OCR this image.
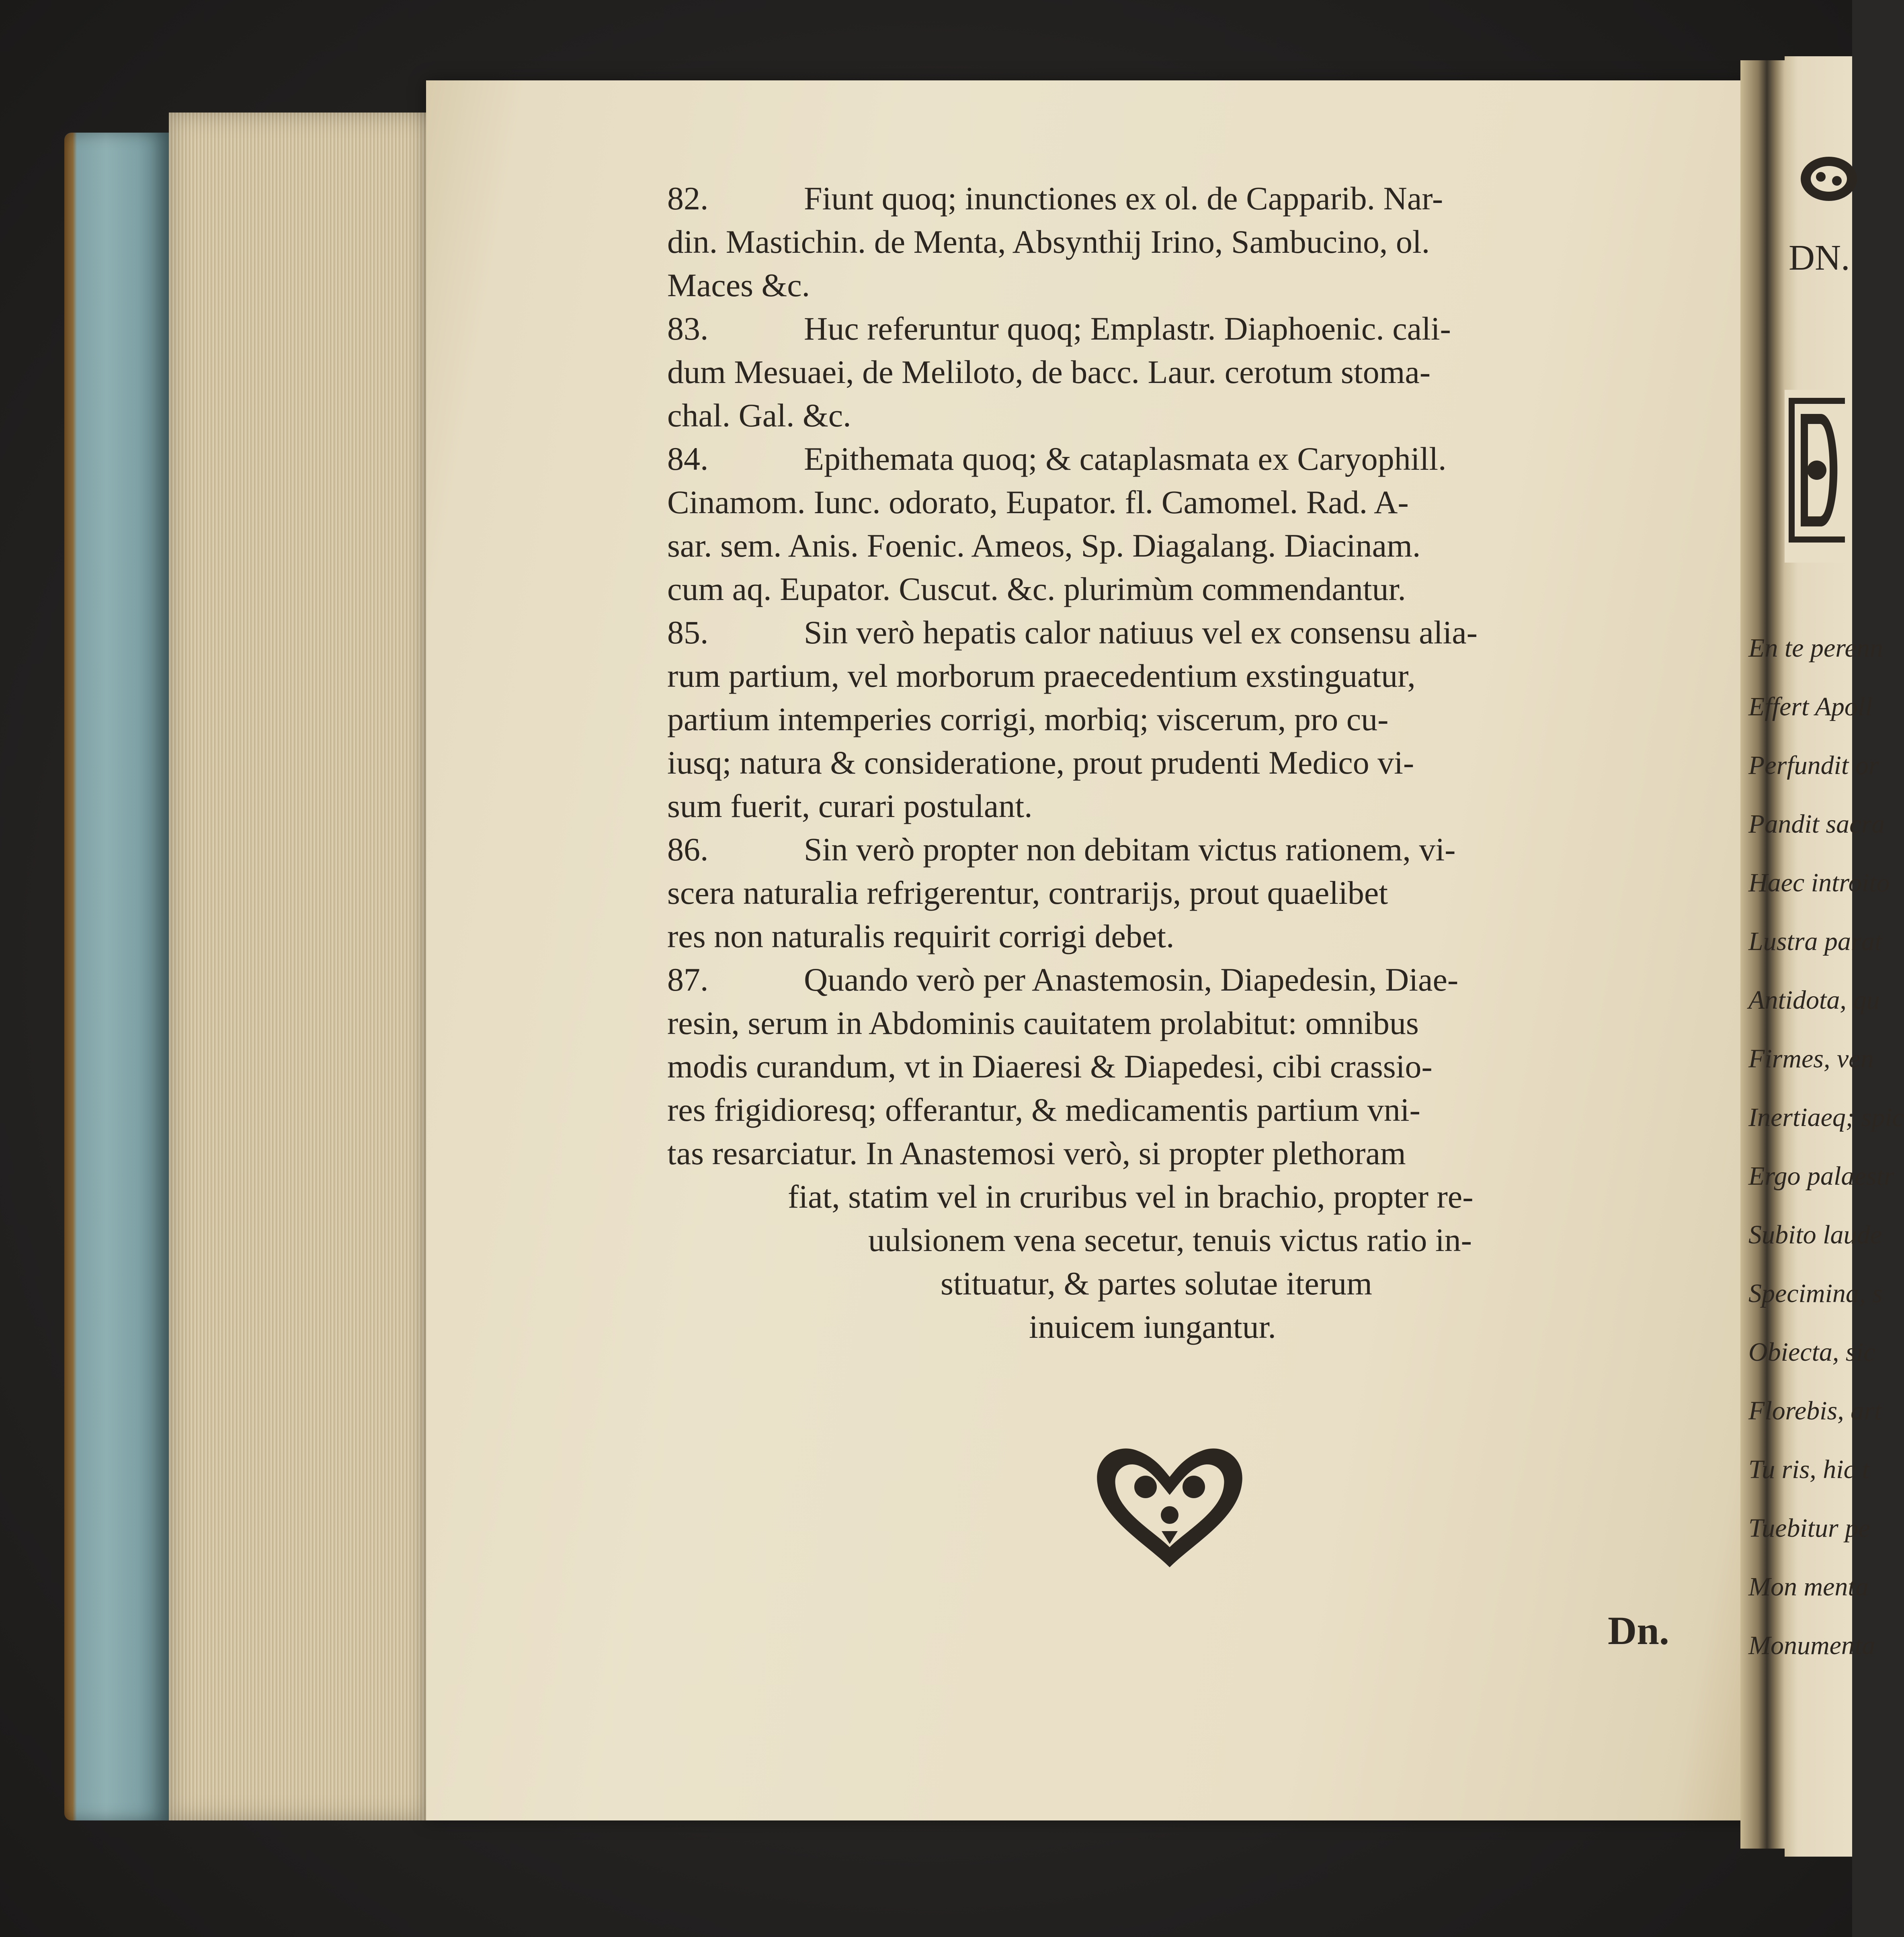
82.	Fiunt quoq; inunctiones ex ol. de Capparib. Nar-
din. Mastichin. de Menta, Absynthij Irino, Sambucino, ol.
Maces &c.
83.	Huc referuntur quoq; Emplastr. Diaphoenic. cali-
dum Mesuaei, de Meliloto, de bacc. Laur. cerotum stoma-
chal. Gal. &c.
84.	Epithemata quoq; & cataplasmata ex Caryophill.
Cinamom. Iunc. odorato, Eupator. fl. Camomel. Rad. A-
sar. sem. Anis. Foenic. Ameos, Sp. Diagalang. Diacinam.
cum aq. Eupator. Cuscut. &c. plurimùm commendantur.
85.	Sin verò hepatis calor natiuus vel ex consensu alia-
rum partium, vel morborum praecedentium exstinguatur,
partium intemperies corrigi, morbiq; viscerum, pro cu-
iusq; natura & consideratione, prout prudenti Medico vi-
sum fuerit, curari postulant.
86.	Sin verò propter non debitam victus rationem, vi-
scera naturalia refrigerentur, contrarijs, prout quaelibet
res non naturalis requirit corrigi debet.
87.	Quando verò per Anastemosin, Diapedesin, Diae-
resin, serum in Abdominis cauitatem prolabitut: omnibus
modis curandum, vt in Diaeresi & Diapedesi, cibi crassio-
res frigidioresq; offerantur, & medicamentis partium vni-
tas resarciatur. In Anastemosi verò, si propter plethoram
fiat, statim vel in cruribus vel in brachio, propter re-
uulsionem vena secetur, tenuis victus ratio in-
stituatur, & partes solutae iterum
inuicem iungantur.
Dn.
DN.
En te perenn
Effert Apoll
Perfundit or
Pandit sacra
Haec introito
Lustra parat
Antidota, qu
Firmes, ven
Inertiaeq; spic
Ergo palaestr
Subito laude
Specimina, s
Obiecta, sic
Florebis, art
Tu ris, hic t
Tuebitur pe
Mon menta
Monumenta
